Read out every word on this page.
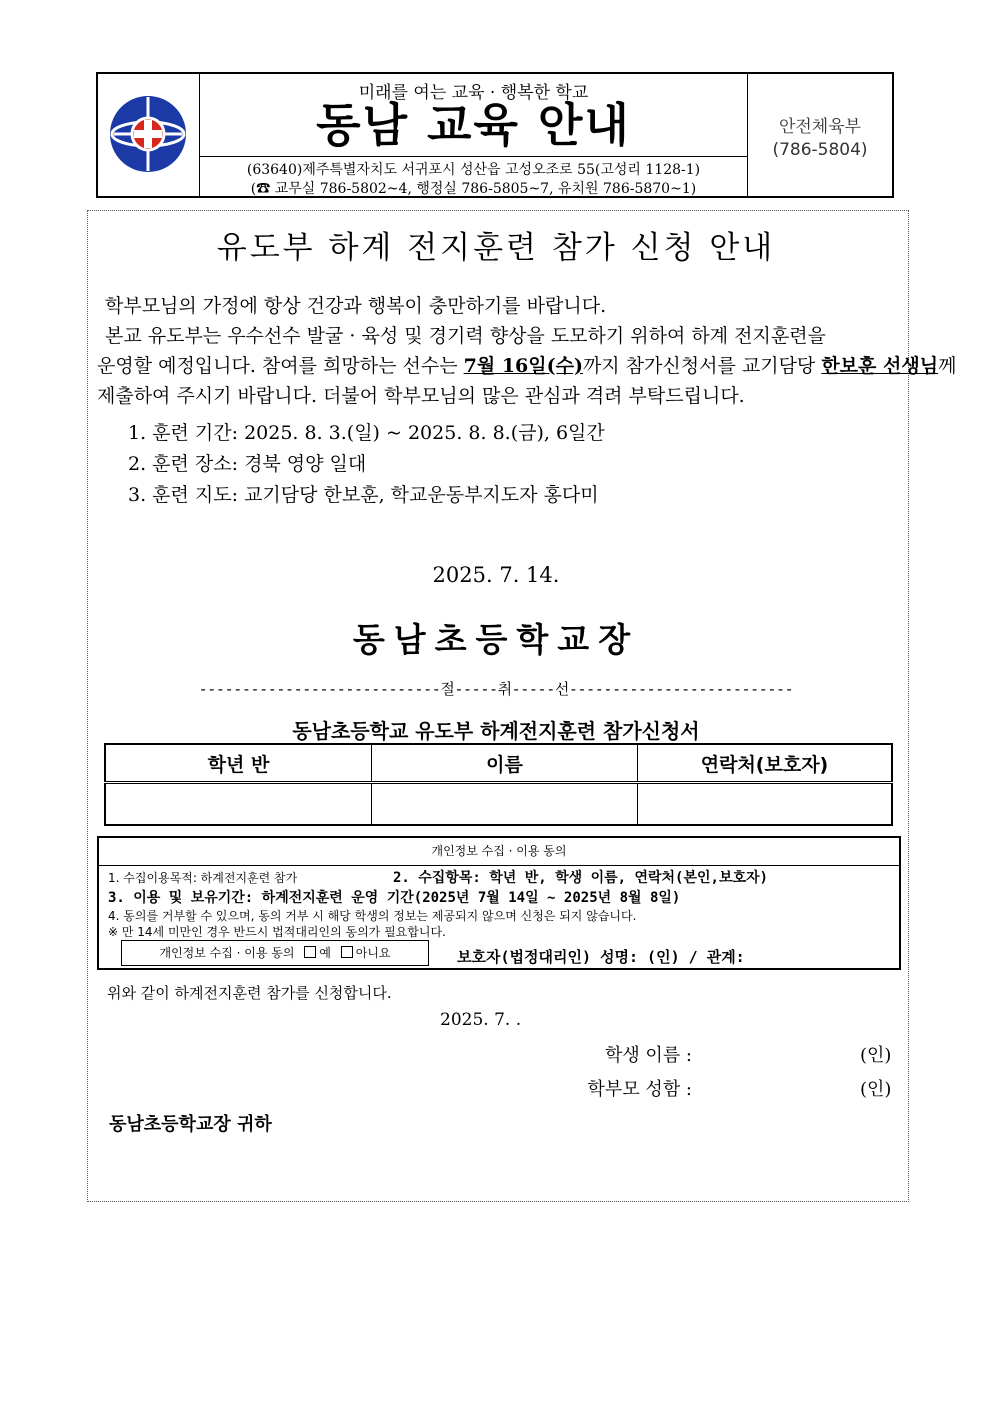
미래를 여는 교육 · 행복한 학교
동남 교육 안내
(63640)제주특별자치도 서귀포시 성산읍 고성오조로 55(고성리 1128-1)
(☎ 교무실 786-5802~4, 행정실 786-5805~7, 유치원 786-5870~1)
안전체육부
(786-5804)
유도부 하계 전지훈련 참가 신청 안내
학부모님의 가정에 항상 건강과 행복이 충만하기를 바랍니다.
본교 유도부는 우수선수 발굴 · 육성 및 경기력 향상을 도모하기 위하여 하계 전지훈련을
운영할 예정입니다. 참여를 희망하는 선수는 7월 16일(수)까지 참가신청서를 교기담당 한보훈 선생님께
제출하여 주시기 바랍니다. 더불어 학부모님의 많은 관심과 격려 부탁드립니다.
1. 훈련 기간: 2025. 8. 3.(일) ~ 2025. 8. 8.(금), 6일간
2. 훈련 장소: 경북 영양 일대
3. 훈련 지도: 교기담당 한보훈, 학교운동부지도자 홍다미
2025. 7. 14.
동남초등학교장
----------------------------절-----취-----선--------------------------
동남초등학교 유도부 하계전지훈련 참가신청서
학년 반	이름	연락처(보호자)

개인정보 수집 · 이용 동의
1. 수집이용목적: 하계전지훈련 참가	2. 수집항목: 학년 반, 학생 이름, 연락처(본인,보호자)
3. 이용 및 보유기간: 하계전지훈련 운영 기간(2025년 7월 14일 ~ 2025년 8월 8일)
4. 동의를 거부할 수 있으며, 동의 거부 시 해당 학생의 정보는 제공되지 않으며 신청은 되지 않습니다.
※ 만 14세 미만인 경우 반드시 법적대리인의 동의가 필요합니다.
개인정보 수집 · 이용 동의 예 아니요	보호자(법정대리인) 성명: (인) / 관계:
위와 같이 하계전지훈련 참가를 신청합니다.
2025. 7. .
학생 이름 :	(인)
학부모 성함 :	(인)
동남초등학교장 귀하
